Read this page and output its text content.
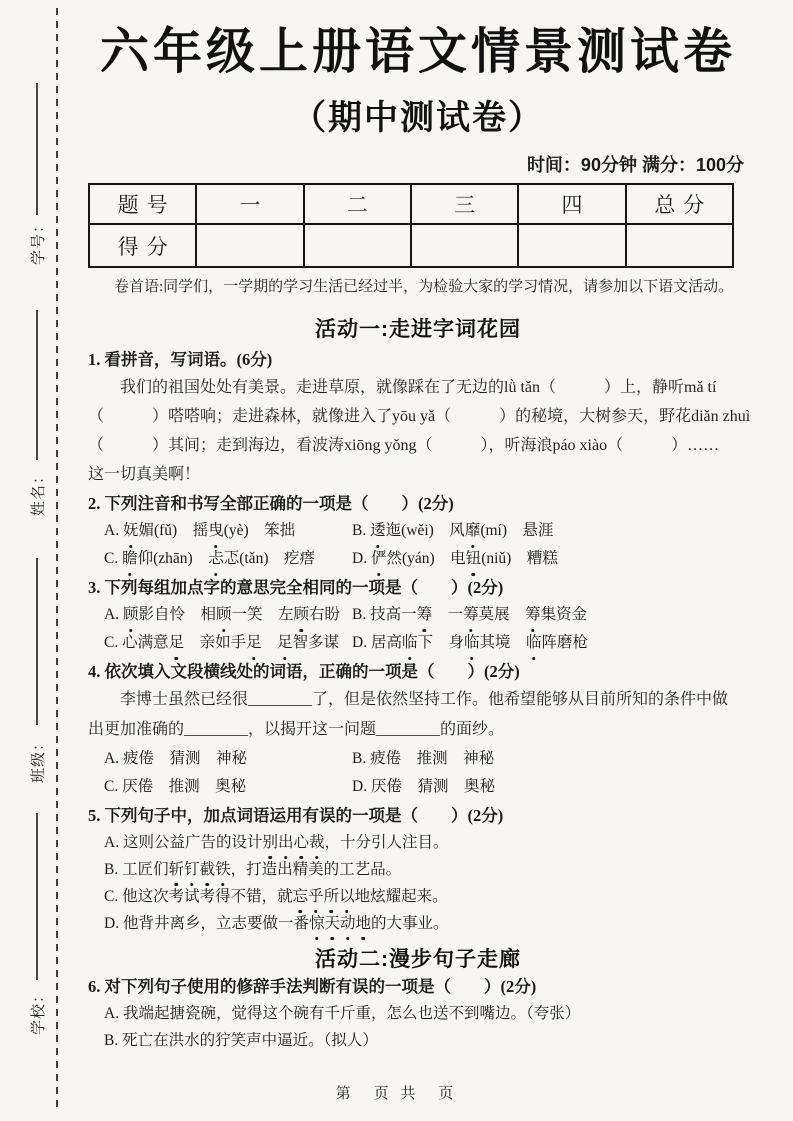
学号：
姓名：
班级：
学校：
六年级上册语文情景测试卷
（期中测试卷）
时间：90分钟 满分：100分
题号	一	二	三	四	总分
得分					
卷首语:同学们，一学期的学习生活已经过半，为检验大家的学习情况，请参加以下语文活动。
活动一:走进字词花园
1. 看拼音，写词语。(6分)
我们的祖国处处有美景。走进草原，就像踩在了无边的lǜ tǎn（　　　）上，静听mǎ tí
（　　　）嗒嗒响；走进森林，就像进入了yōu yǎ（　　　）的秘境，大树参天，野花diǎn zhuì
（　　　）其间；走到海边，看波涛xiōng yǒng（　　　），听海浪páo xiào（　　　）……
这一切真美啊！
2. 下列注音和书写全部正确的一项是（　　）(2分)
A. 妩媚(fǔ)　摇曳(yè)　笨拙	B. 逶迤(wěi)　风靡(mí)　悬涯
C. 瞻仰(zhān)　忐忑(tǎn)　疙瘩	D. 俨然(yán)　电钮(niǔ)　糟糕
3. 下列每组加点字的意思完全相同的一项是（　　）(2分)
A. 顾影自怜　相顾一笑　左顾右盼 B. 技高一筹　一筹莫展　筹集资金
C. 心满意足　亲如手足　 足智多谋 D. 居高临下　身临其境　临阵磨枪
4. 依次填入文段横线处的词语，正确的一项是（　　）(2分)
李博士虽然已经很________了，但是依然坚持工作。他希望能够从目前所知的条件中做
出更加准确的________，以揭开这一问题________的面纱。
A. 疲倦　猜测　神秘	B. 疲倦　推测　神秘
C. 厌倦　推测　奥秘	D. 厌倦　猜测　奥秘
5. 下列句子中，加点词语运用有误的一项是（　　）(2分)
A. 这则公益广告的设计别出心裁，十分引人注目。
B. 工匠们斩钉截铁，打造出精美的工艺品。
C. 他这次考试考得不错，就忘乎所以地炫耀起来。
D. 他背井离乡，立志要做一番惊天动地的大事业。
活动二:漫步句子走廊
6. 对下列句子使用的修辞手法判断有误的一项是（　　）(2分)
A. 我端起搪瓷碗，觉得这个碗有千斤重，怎么也送不到嘴边。（夸张）
B. 死亡在洪水的狞笑声中逼近。（拟人）
第　页 共　页
